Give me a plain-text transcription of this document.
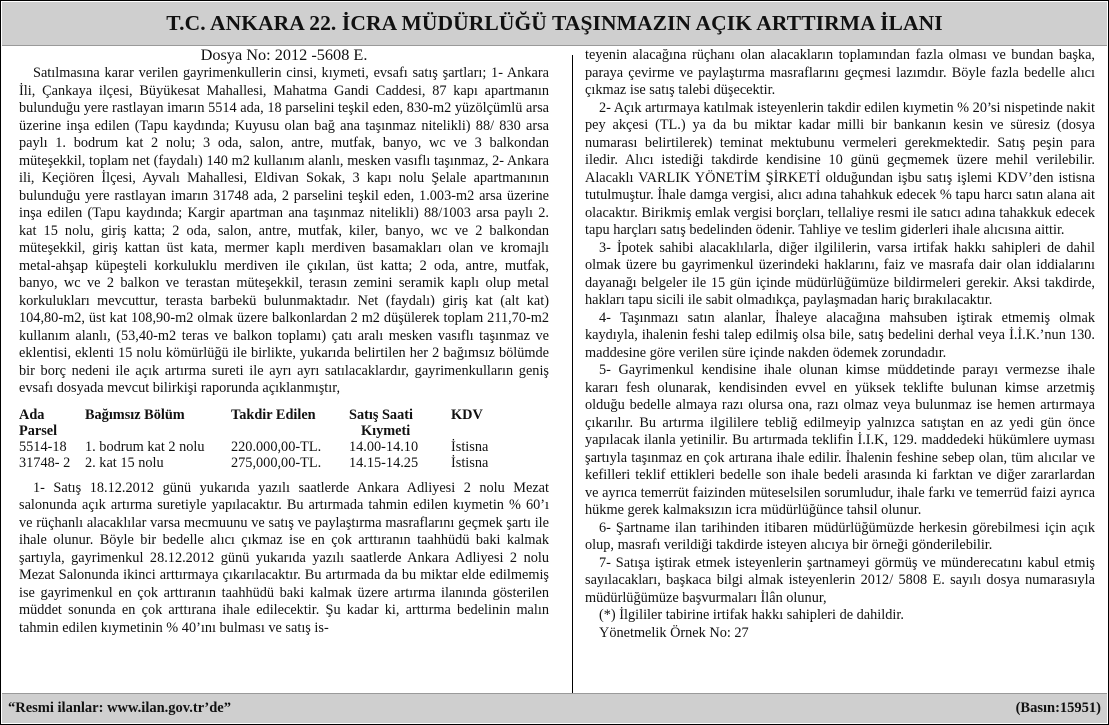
T.C. ANKARA 22. İCRA MÜDÜRLÜĞÜ TAŞINMAZIN AÇIK ARTTIRMA İLANI
Dosya No: 2012 -5608 E.

Satılmasına karar verilen gayrimenkullerin cinsi, kıymeti, evsafı satış şartları; 1- Ankara İli, Çankaya ilçesi, Büyükesat Mahallesi, Mahatma Gandi Caddesi, 87 kapı apartmanın bulunduğu yere rastlayan imarın 5514 ada, 18 parselini teşkil eden, 830-m2 yüzölçümlü arsa üzerine inşa edilen (Tapu kaydında; Kuyusu olan bağ ana taşınmaz nitelikli) 88/ 830 arsa paylı 1. bodrum kat 2 nolu; 3 oda, salon, antre, mutfak, banyo, wc ve 3 balkondan müteşekkil, toplam net (faydalı) 140 m2 kullanım alanlı, mesken vasıflı taşınmaz, 2- Ankara ili, Keçiören İlçesi, Ayvalı Mahallesi, Eldivan Sokak, 3 kapı nolu Şelale apartmanının bulunduğu yere rastlayan imarın 31748 ada, 2 parselini teşkil eden, 1.003-m2 arsa üzerine inşa edilen (Tapu kaydında; Kargir apartman ana taşınmaz nitelikli) 88/1003 arsa paylı 2. kat 15 nolu, giriş katta; 2 oda, salon, antre, mutfak, kiler, banyo, wc ve 2 balkondan müteşekkil, giriş kattan üst kata, mermer kaplı merdiven basamakları olan ve kromajlı metal-ahşap küpeşteli korkuluklu merdiven ile çıkılan, üst katta; 2 oda, antre, mutfak, banyo, wc ve 2 balkon ve terastan müteşekkil, terasın zemini seramik kaplı olup metal korkulukları mevcuttur, terasta barbekü bulunmaktadır. Net (faydalı) giriş kat (alt kat) 104,80-m2, üst kat 108,90-m2 olmak üzere balkonlardan 2 m2 düşülerek toplam 211,70-m2 kullanım alanlı, (53,40-m2 teras ve balkon toplamı) çatı aralı mesken vasıflı taşınmaz ve eklentisi, eklenti 15 nolu kömürlüğü ile birlikte, yukarıda belirtilen her 2 bağımsız bölümde bir borç nedeni ile açık artırma sureti ile ayrı ayrı satılacaklardır, gayrimenkulların geniş evsafı dosyada mevcut bilirkişi raporunda açıklanmıştır,

Ada	Bağımsız Bölüm	Takdir Edilen	Satış Saati	KDV
Parsel			Kıymeti	
5514-18	1. bodrum kat 2 nolu	220.000,00-TL.	14.00-14.10	İstisna
31748- 2	2. kat 15 nolu	275,000,00-TL.	14.15-14.25	İstisna

1- Satış 18.12.2012 günü yukarıda yazılı saatlerde Ankara Adliyesi 2 nolu Mezat salonunda açık artırma suretiyle yapılacaktır. Bu artırmada tahmin edilen kıymetin % 60’ı ve rüçhanlı alacaklılar varsa mecmuunu ve satış ve paylaştırma masraflarını geçmek şartı ile ihale olunur. Böyle bir bedelle alıcı çıkmaz ise en çok arttıranın taahhüdü baki kalmak şartıyla, gayrimenkul 28.12.2012 günü yukarıda yazılı saatlerde Ankara Adliyesi 2 nolu Mezat Salonunda ikinci arttırmaya çıkarılacaktır. Bu artırmada da bu miktar elde edilmemiş ise gayrimenkul en çok arttıranın taahhüdü baki kalmak üzere artırma ilanında gösterilen müddet sonunda en çok arttırana ihale edilecektir. Şu kadar ki, arttırma bedelinin malın tahmin edilen kıymetinin % 40’ını bulması ve satış is-

teyenin alacağına rüçhanı olan alacakların toplamından fazla olması ve bundan başka, paraya çevirme ve paylaştırma masraflarını geçmesi lazımdır. Böyle fazla bedelle alıcı çıkmaz ise satış talebi düşecektir.

2- Açık artırmaya katılmak isteyenlerin takdir edilen kıymetin % 20’si nispetinde nakit pey akçesi (TL.) ya da bu miktar kadar milli bir bankanın kesin ve süresiz (dosya numarası belirtilerek) teminat mektubunu vermeleri gerekmektedir. Satış peşin para iledir. Alıcı istediği takdirde kendisine 10 günü geçmemek üzere mehil verilebilir. Alacaklı VARLIK YÖNETİM ŞİRKETİ olduğundan işbu satış işlemi KDV’den istisna tutulmuştur. İhale damga vergisi, alıcı adına tahahkuk edecek % tapu harcı satın alana ait olacaktır. Birikmiş emlak vergisi borçları, tellaliye resmi ile satıcı adına tahakkuk edecek tapu harçları satış bedelinden ödenir. Tahliye ve teslim giderleri ihale alıcısına aittir.

3- İpotek sahibi alacaklılarla, diğer ilgililerin, varsa irtifak hakkı sahipleri de dahil olmak üzere bu gayrimenkul üzerindeki haklarını, faiz ve masrafa dair olan iddialarını dayanağı belgeler ile 15 gün içinde müdürlüğümüze bildirmeleri gerekir. Aksi takdirde, hakları tapu sicili ile sabit olmadıkça, paylaşmadan hariç bırakılacaktır.

4- Taşınmazı satın alanlar, İhaleye alacağına mahsuben iştirak etmemiş olmak kaydıyla, ihalenin feshi talep edilmiş olsa bile, satış bedelini derhal veya İ.İ.K.’nun 130. maddesine göre verilen süre içinde nakden ödemek zorundadır.

5- Gayrimenkul kendisine ihale olunan kimse müddetinde parayı vermezse ihale kararı fesh olunarak, kendisinden evvel en yüksek teklifte bulunan kimse arzetmiş olduğu bedelle almaya razı olursa ona, razı olmaz veya bulunmaz ise hemen artırmaya çıkarılır. Bu artırma ilgililere tebliğ edilmeyip yalnızca satıştan en az yedi gün önce yapılacak ilanla yetinilir. Bu artırmada teklifin İ.I.K, 129. maddedeki hükümlere uyması şartıyla taşınmaz en çok artırana ihale edilir. İhalenin feshine sebep olan, tüm alıcılar ve kefilleri teklif ettikleri bedelle son ihale bedeli arasında ki farktan ve diğer zararlardan ve ayrıca temerrüt faizinden müteselsilen sorumludur, ihale farkı ve temerrüd faizi ayrıca hükme gerek kalmaksızın icra müdürlüğünce tahsil olunur.

6- Şartname ilan tarihinden itibaren müdürlüğümüzde herkesin görebilmesi için açık olup, masrafı verildiği takdirde isteyen alıcıya bir örneği gönderilebilir.

7- Satışa iştirak etmek isteyenlerin şartnameyi görmüş ve münderecatını kabul etmiş sayılacakları, başkaca bilgi almak isteyenlerin 2012/ 5808 E. sayılı dosya numarasıyla müdürlüğümüze başvurmaları İlân olunur,

(*) İlgililer tabirine irtifak hakkı sahipleri de dahildir.

Yönetmelik Örnek No: 27

“Resmi ilanlar: www.ilan.gov.tr’de”	(Basın:15951)
